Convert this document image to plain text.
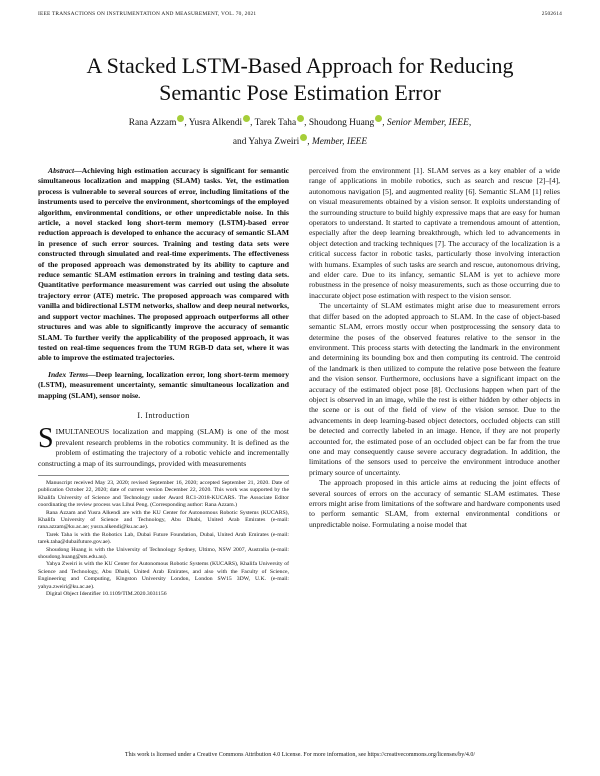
IEEE TRANSACTIONS ON INSTRUMENTATION AND MEASUREMENT, VOL. 70, 2021	2502614
A Stacked LSTM-Based Approach for Reducing
Semantic Pose Estimation Error
Rana Azzam , Yusra Alkendi , Tarek Taha , Shoudong Huang , Senior Member, IEEE,
and Yahya Zweiri , Member, IEEE

Abstract—Achieving high estimation accuracy is significant for semantic simultaneous localization and mapping (SLAM) tasks. Yet, the estimation process is vulnerable to several sources of error, including limitations of the instruments used to perceive the environment, shortcomings of the employed algorithm, environmental conditions, or other unpredictable noise. In this article, a novel stacked long short-term memory (LSTM)-based error reduction approach is developed to enhance the accuracy of semantic SLAM in presence of such error sources. Training and testing data sets were constructed through simulated and real-time experiments. The effectiveness of the proposed approach was demonstrated by its ability to capture and reduce semantic SLAM estimation errors in training and testing data sets. Quantitative performance measurement was carried out using the absolute trajectory error (ATE) metric. The proposed approach was compared with vanilla and bidirectional LSTM networks, shallow and deep neural networks, and support vector machines. The proposed approach outperforms all other structures and was able to significantly improve the accuracy of semantic SLAM. To further verify the applicability of the proposed approach, it was tested on real-time sequences from the TUM RGB-D data set, where it was able to improve the estimated trajectories.

Index Terms—Deep learning, localization error, long short-term memory (LSTM), measurement uncertainty, semantic simultaneous localization and mapping (SLAM), sensor noise.

I. Introduction

SIMULTANEOUS localization and mapping (SLAM) is one of the most prevalent research problems in the robotics community. It is defined as the problem of estimating the trajectory of a robotic vehicle and incrementally constructing a map of its surroundings, provided with measurements

Manuscript received May 23, 2020; revised September 16, 2020; accepted September 21, 2020. Date of publication October 22, 2020; date of current version December 22, 2020. This work was supported by the Khalifa University of Science and Technology under Award RC1-2018-KUCARS. The Associate Editor coordinating the review process was Lihui Peng. (Corresponding author: Rana Azzam.)

Rana Azzam and Yusra Alkendi are with the KU Center for Autonomous Robotic Systems (KUCARS), Khalifa University of Science and Technology, Abu Dhabi, United Arab Emirates (e-mail: rana.azzam@ku.ac.ae; yusra.alkendi@ku.ac.ae).

Tarek Taha is with the Robotics Lab, Dubai Future Foundation, Dubai, United Arab Emirates (e-mail: tarek.taha@dubaifuture.gov.ae).

Shoudong Huang is with the University of Technology Sydney, Ultimo, NSW 2007, Australia (e-mail: shoudong.huang@uts.edu.au).

Yahya Zweiri is with the KU Center for Autonomous Robotic Systems (KUCARS), Khalifa University of Science and Technology, Abu Dhabi, United Arab Emirates, and also with the Faculty of Science, Engineering and Computing, Kingston University London, London SW15 3DW, U.K. (e-mail: yahya.zweiri@ku.ac.ae).

Digital Object Identifier 10.1109/TIM.2020.3031156

perceived from the environment [1]. SLAM serves as a key enabler of a wide range of applications in mobile robotics, such as search and rescue [2]–[4], autonomous navigation [5], and augmented reality [6]. Semantic SLAM [1] relies on visual measurements obtained by a vision sensor. It exploits understanding of the surrounding structure to build highly expressive maps that are easy for human operators to understand. It started to captivate a tremendous amount of attention, especially after the deep learning breakthrough, which led to advancements in object detection and tracking techniques [7]. The accuracy of the localization is a critical success factor in robotic tasks, particularly those involving interaction with humans. Examples of such tasks are search and rescue, autonomous driving, and elder care. Due to its infancy, semantic SLAM is yet to achieve more robustness in the presence of noisy measurements, such as those occurring due to inaccurate object pose estimation with respect to the vision sensor.

The uncertainty of SLAM estimates might arise due to measurement errors that differ based on the adopted approach to SLAM. In the case of object-based semantic SLAM, errors mostly occur when postprocessing the sensory data to determine the poses of the observed features relative to the sensor in the environment. This process starts with detecting the landmark in the environment and determining its bounding box and then computing its centroid. The centroid of the landmark is then utilized to compute the relative pose between the feature and the vision sensor. Furthermore, occlusions have a significant impact on the accuracy of the estimated object pose [8]. Occlusions happen when part of the object is observed in an image, while the rest is either hidden by other objects in the scene or is out of the field of view of the vision sensor. Due to the advancements in deep learning-based object detectors, occluded objects can still be detected and correctly labeled in an image. Hence, if they are not properly accounted for, the estimated pose of an occluded object can be far from the true one and may consequently cause severe accuracy degradation. In addition, the limitations of the sensors used to perceive the environment introduce another primary source of uncertainty.

The approach proposed in this article aims at reducing the joint effects of several sources of errors on the accuracy of semantic SLAM estimates. These errors might arise from limitations of the software and hardware components used to perform semantic SLAM, from external environmental conditions or unpredictable noise. Formulating a noise model that

This work is licensed under a Creative Commons Attribution 4.0 License. For more information, see https://creativecommons.org/licenses/by/4.0/
